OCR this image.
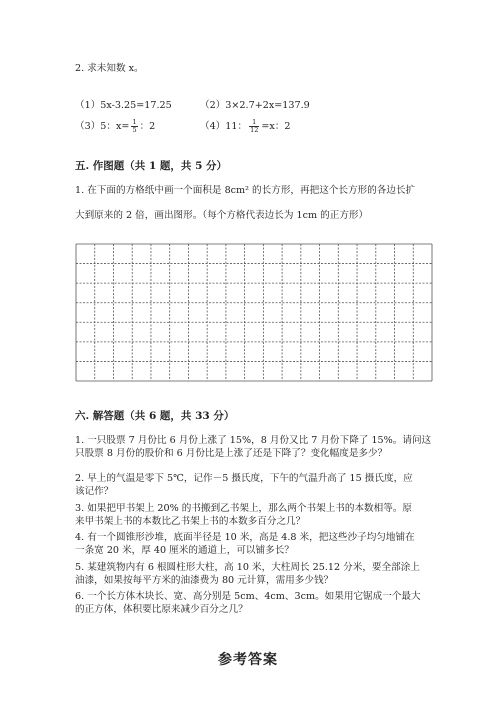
2. 求未知数 x。
（1）5x-3.25=17.25	（2）3×2.7+2x=137.9
（3）5：$x= \frac{1}{5}$ ：2	（4）11： $\frac{1}{12} =x$：2
五. 作图题（共 1 题，共 5 分）
1. 在下面的方格纸中画一个面积是 8cm² 的长方形，再把这个长方形的各边长扩
大到原来的 2 倍，画出图形。（每个方格代表边长为 1cm 的正方形）
六. 解答题（共 6 题，共 33 分）
1. 一只股票 7 月份比 6 月份上涨了 15%，8 月份又比 7 月份下降了 15%。请问这
只股票 8 月份的股价和 6 月份比是上涨了还是下降了？变化幅度是多少？
2. 早上的气温是零下 5℃，记作－5 摄氏度，下午的气温升高了 15 摄氏度，应
该记作？
3. 如果把甲书架上 20% 的书搬到乙书架上，那么两个书架上书的本数相等。原
来甲书架上书的本数比乙书架上书的本数多百分之几？
4. 有一个圆锥形沙堆，底面半径是 10 米，高是 4.8 米，把这些沙子均匀地铺在
一条宽 20 米，厚 40 厘米的通道上，可以铺多长？
5. 某建筑物内有 6 根圆柱形大柱，高 10 米，大柱周长 25.12 分米，要全部涂上
油漆，如果按每平方米的油漆费为 80 元计算，需用多少钱？
6. 一个长方体木块长、宽、高分别是 5cm、4cm、3cm。如果用它锯成一个最大
的正方体，体积要比原来减少百分之几？
参考答案
